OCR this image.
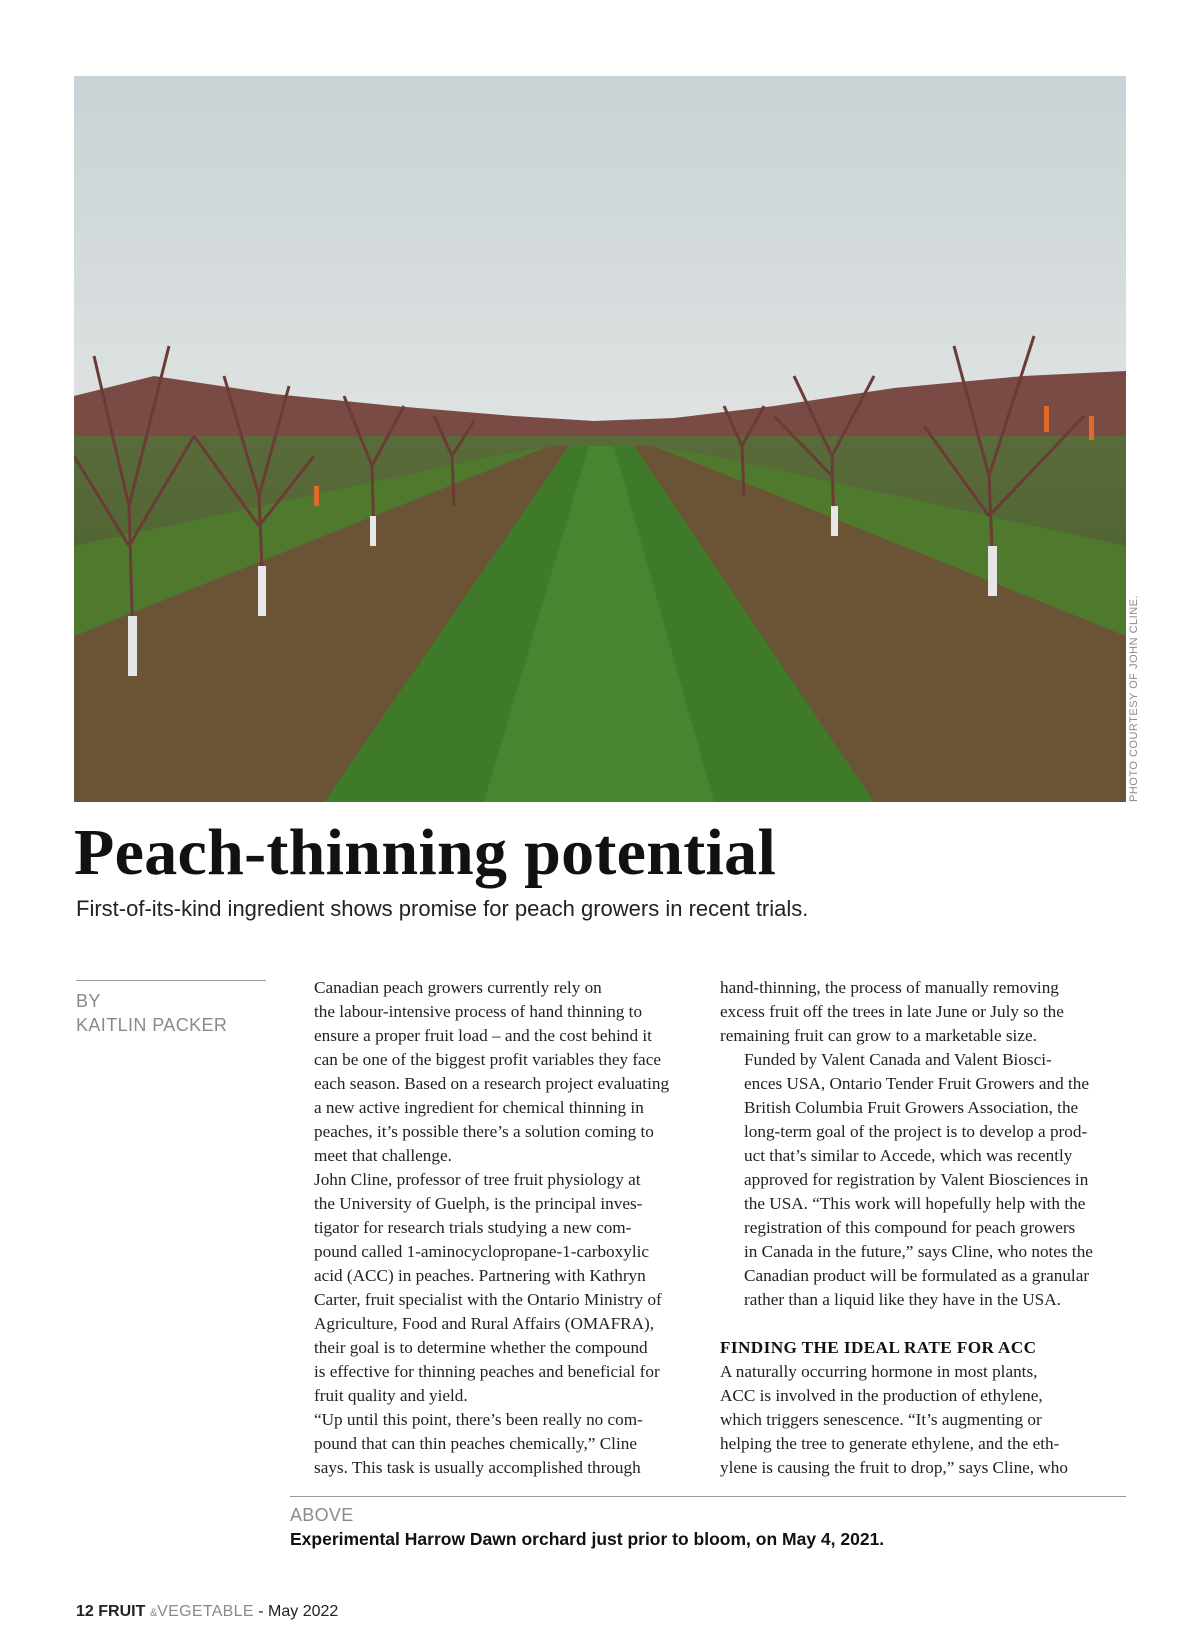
PHOTO COURTESY OF JOHN CLINE.
Peach-thinning potential

First-of-its-kind ingredient shows promise for peach growers in recent trials.

BY
KAITLIN PACKER

Canadian peach growers currently rely on
the labour-intensive process of hand thinning to
ensure a proper fruit load – and the cost behind it
can be one of the biggest profit variables they face
each season. Based on a research project evaluating
a new active ingredient for chemical thinning in
peaches, it’s possible there’s a solution coming to
meet that challenge.

John Cline, professor of tree fruit physiology at
the University of Guelph, is the principal inves-
tigator for research trials studying a new com-
pound called 1-aminocyclopropane-1-carboxylic
acid (ACC) in peaches. Partnering with Kathryn
Carter, fruit specialist with the Ontario Ministry of
Agriculture, Food and Rural Affairs (OMAFRA),
their goal is to determine whether the compound
is effective for thinning peaches and beneficial for
fruit quality and yield.

“Up until this point, there’s been really no com-
pound that can thin peaches chemically,” Cline
says. This task is usually accomplished through

hand-thinning, the process of manually removing
excess fruit off the trees in late June or July so the
remaining fruit can grow to a marketable size.

Funded by Valent Canada and Valent Biosci-
ences USA, Ontario Tender Fruit Growers and the
British Columbia Fruit Growers Association, the
long-term goal of the project is to develop a prod-
uct that’s similar to Accede, which was recently
approved for registration by Valent Biosciences in
the USA. “This work will hopefully help with the
registration of this compound for peach growers
in Canada in the future,” says Cline, who notes the
Canadian product will be formulated as a granular
rather than a liquid like they have in the USA.

FINDING THE IDEAL RATE FOR ACC

A naturally occurring hormone in most plants,
ACC is involved in the production of ethylene,
which triggers senescence. “It’s augmenting or
helping the tree to generate ethylene, and the eth-
ylene is causing the fruit to drop,” says Cline, who

ABOVE
Experimental Harrow Dawn orchard just prior to bloom, on May 4, 2021.
12 FRUIT &VEGETABLE - May 2022
